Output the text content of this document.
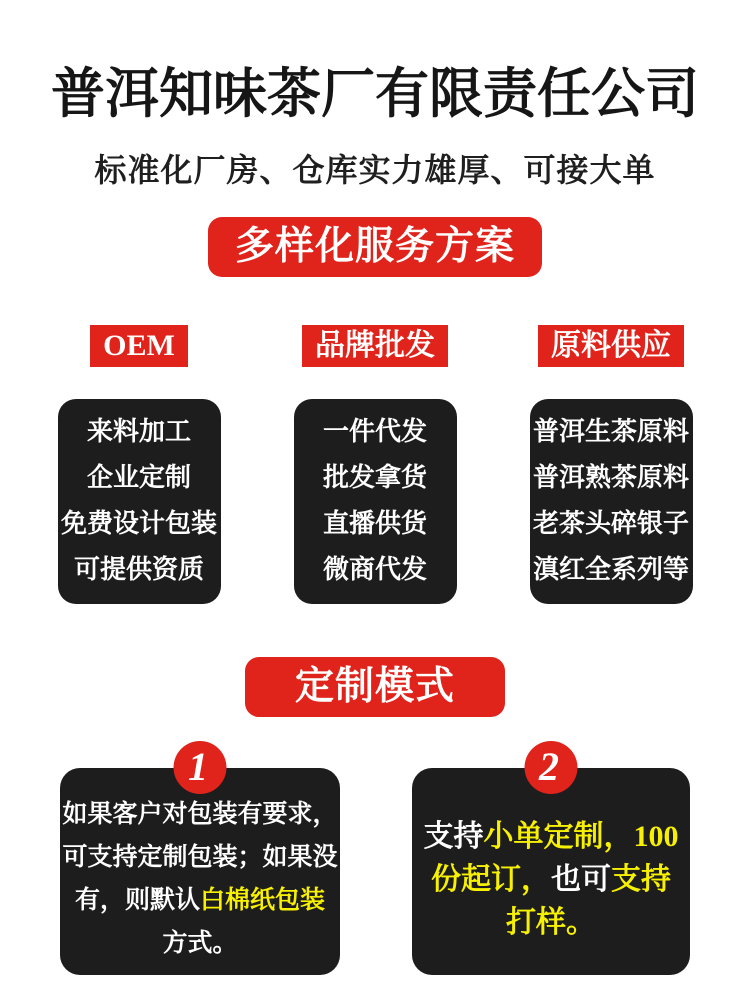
普洱知味茶厂有限责任公司
标准化厂房、仓库实力雄厚、可接大单
多样化服务方案
OEM
来料加工
企业定制
免费设计包装
可提供资质
品牌批发
一件代发
批发拿货
直播供货
微商代发
原料供应
普洱生茶原料
普洱熟茶原料
老茶头碎银子
滇红全系列等
定制模式
1
如果客户对包装有要求，
可支持定制包装；如果没
有，则默认白棉纸包装
方式。
2
支持小单定制，100
份起订，也可支持
打样。
